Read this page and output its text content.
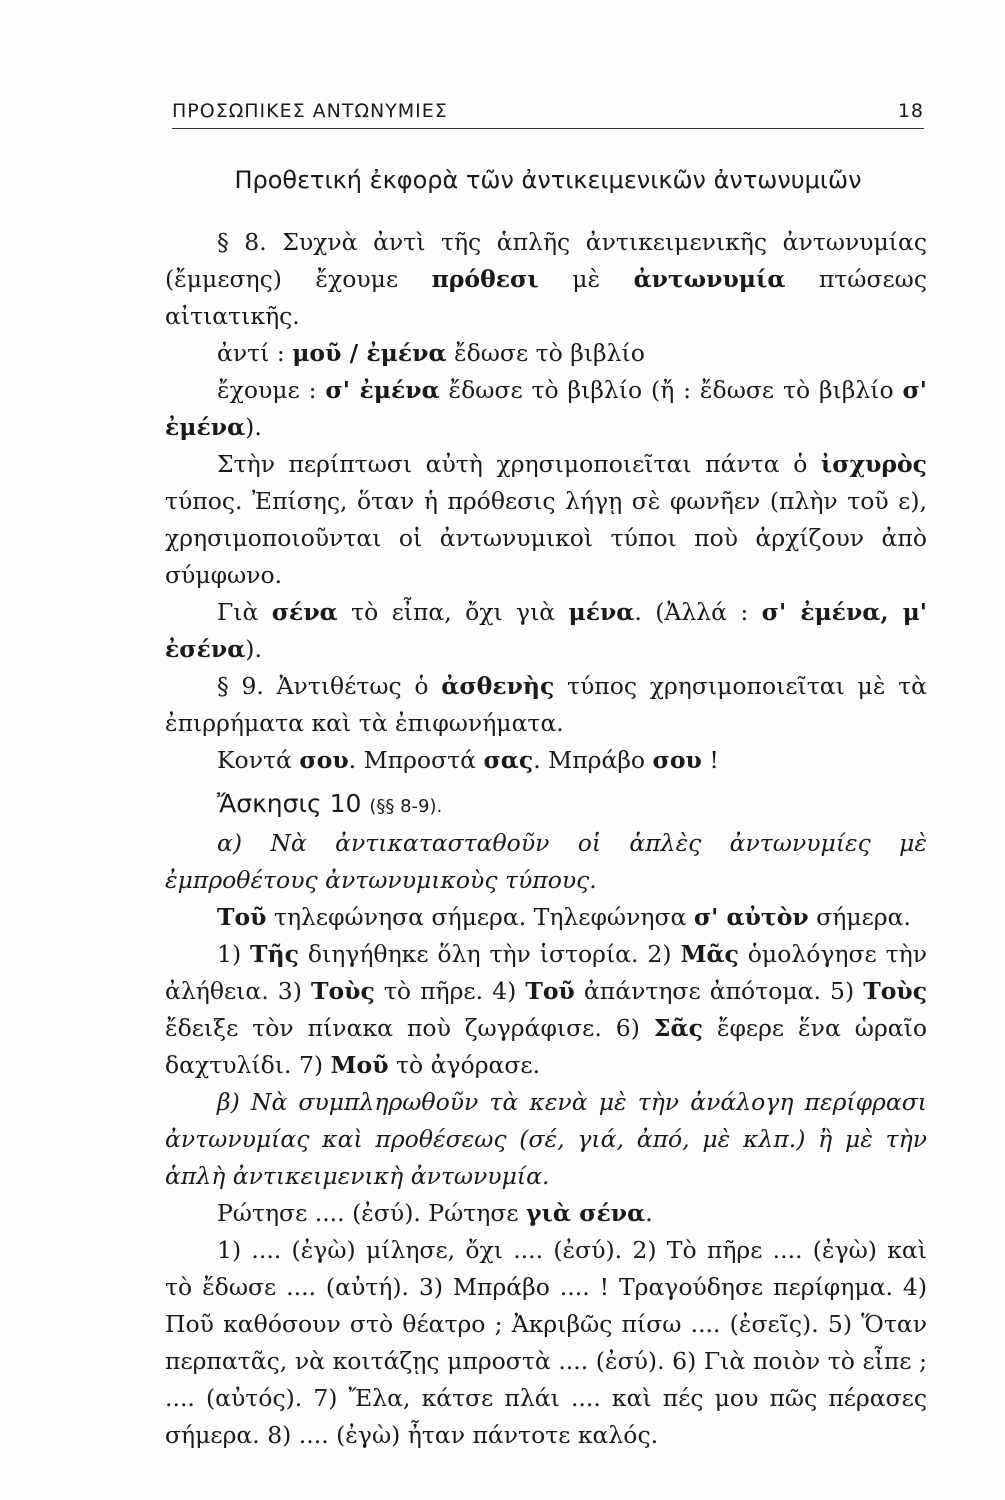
ΠΡΟΣΩΠΙΚΕΣ ΑΝΤΩΝΥΜΙΕΣ	18
Προθετική ἐκφορὰ τῶν ἀντικειμενικῶν ἀντωνυμιῶν

§ 8. Συχνὰ ἀντὶ τῆς ἁπλῆς ἀντικειμενικῆς ἀντωνυμίας (ἔμμεσης) ἔχουμε πρόθεσι μὲ ἀντωνυμία πτώσεως αἰτιατικῆς.

ἀντί : μοῦ / ἐμένα ἔδωσε τὸ βιβλίο

ἔχουμε : σ' ἐμένα ἔδωσε τὸ βιβλίο (ἤ : ἔδωσε τὸ βιβλίο σ' ἐμένα).

Στὴν περίπτωσι αὐτὴ χρησιμοποιεῖται πάντα ὁ ἰσχυρὸς τύπος. Ἐπίσης, ὅταν ἡ πρόθεσις λήγῃ σὲ φωνῆεν (πλὴν τοῦ ε), χρησιμοποιοῦνται οἱ ἀντωνυμικοὶ τύποι ποὺ ἀρχίζουν ἀπὸ σύμφωνο.

Γιὰ σένα τὸ εἶπα, ὄχι γιὰ μένα. (Ἀλλά : σ' ἐμένα, μ' ἐσένα).

§ 9. Ἀντιθέτως ὁ ἀσθενὴς τύπος χρησιμοποιεῖται μὲ τὰ ἐπιρρήματα καὶ τὰ ἐπιφωνήματα.

Κοντά σου. Μπροστά σας. Μπράβο σου !

Ἄσκησις 10 (§§ 8-9).

α) Νὰ ἀντικατασταθοῦν οἱ ἁπλὲς ἀντωνυμίες μὲ ἐμπροθέτους ἀντωνυμικοὺς τύπους.

Τοῦ τηλεφώνησα σήμερα. Τηλεφώνησα σ' αὐτὸν σήμερα.

1) Τῆς διηγήθηκε ὅλη τὴν ἱστορία. 2) Μᾶς ὁμολόγησε τὴν ἀλήθεια. 3) Τοὺς τὸ πῆρε. 4) Τοῦ ἀπάντησε ἀπότομα. 5) Τοὺς ἔδειξε τὸν πίνακα ποὺ ζωγράφισε. 6) Σᾶς ἔφερε ἕνα ὡραῖο δαχτυλίδι. 7) Μοῦ τὸ ἀγόρασε.

β) Νὰ συμπληρωθοῦν τὰ κενὰ μὲ τὴν ἀνάλογη περίφρασι ἀντωνυμίας καὶ προθέσεως (σέ, γιά, ἀπό, μὲ κλπ.) ἢ μὲ τὴν ἁπλὴ ἀντικειμενικὴ ἀντωνυμία.

Ρώτησε .... (ἐσύ). Ρώτησε γιὰ σένα.

1) .... (ἐγὼ) μίλησε, ὄχι .... (ἐσύ). 2) Τὸ πῆρε .... (ἐγὼ) καὶ τὸ ἔδωσε .... (αὐτή). 3) Μπράβο .... ! Τραγούδησε περίφημα. 4) Ποῦ καθόσουν στὸ θέατρο ; Ἀκριβῶς πίσω .... (ἐσεῖς). 5) Ὅταν περπατᾶς, νὰ κοιτάζῃς μπροστὰ .... (ἐσύ). 6) Γιὰ ποιὸν τὸ εἶπε ; .... (αὐτός). 7) Ἔλα, κάτσε πλάι .... καὶ πές μου πῶς πέρασες σήμερα. 8) .... (ἐγὼ) ἦταν πάντοτε καλός.
